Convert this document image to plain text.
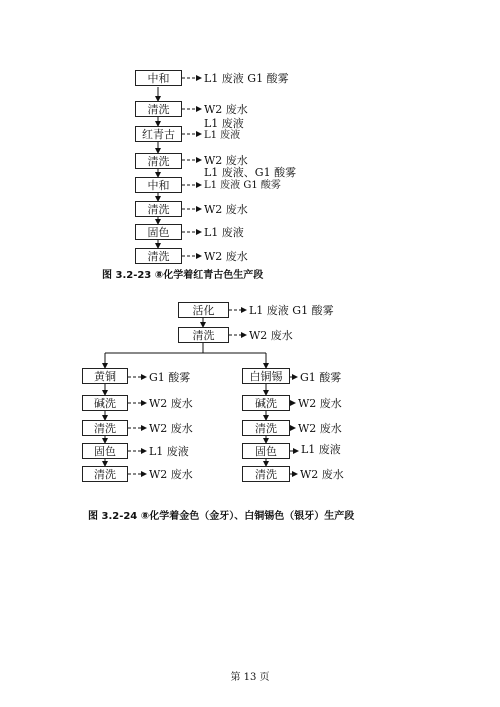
中和
清洗
红青古
清洗
中和
清洗
固色
清洗
L1 废液 G1 酸雾
W2 废水
L1 废液
L1 废液
W2 废水
L1 废液、G1 酸雾
L1 废液 G1 酸雾
W2 废水
L1 废液
W2 废水
图 3.2-23 ⑧化学着红青古色生产段
活化
清洗
L1 废液 G1 酸雾
W2 废水
黄铜
碱洗
清洗
固色
清洗
G1 酸雾
W2 废水
W2 废水
L1 废液
W2 废水
白铜锡
碱洗
清洗
固色
清洗
G1 酸雾
W2 废水
W2 废水
L1 废液
W2 废水
图 3.2-24 ⑧化学着金色（金牙）、白铜锡色（银牙）生产段
第 13 页
